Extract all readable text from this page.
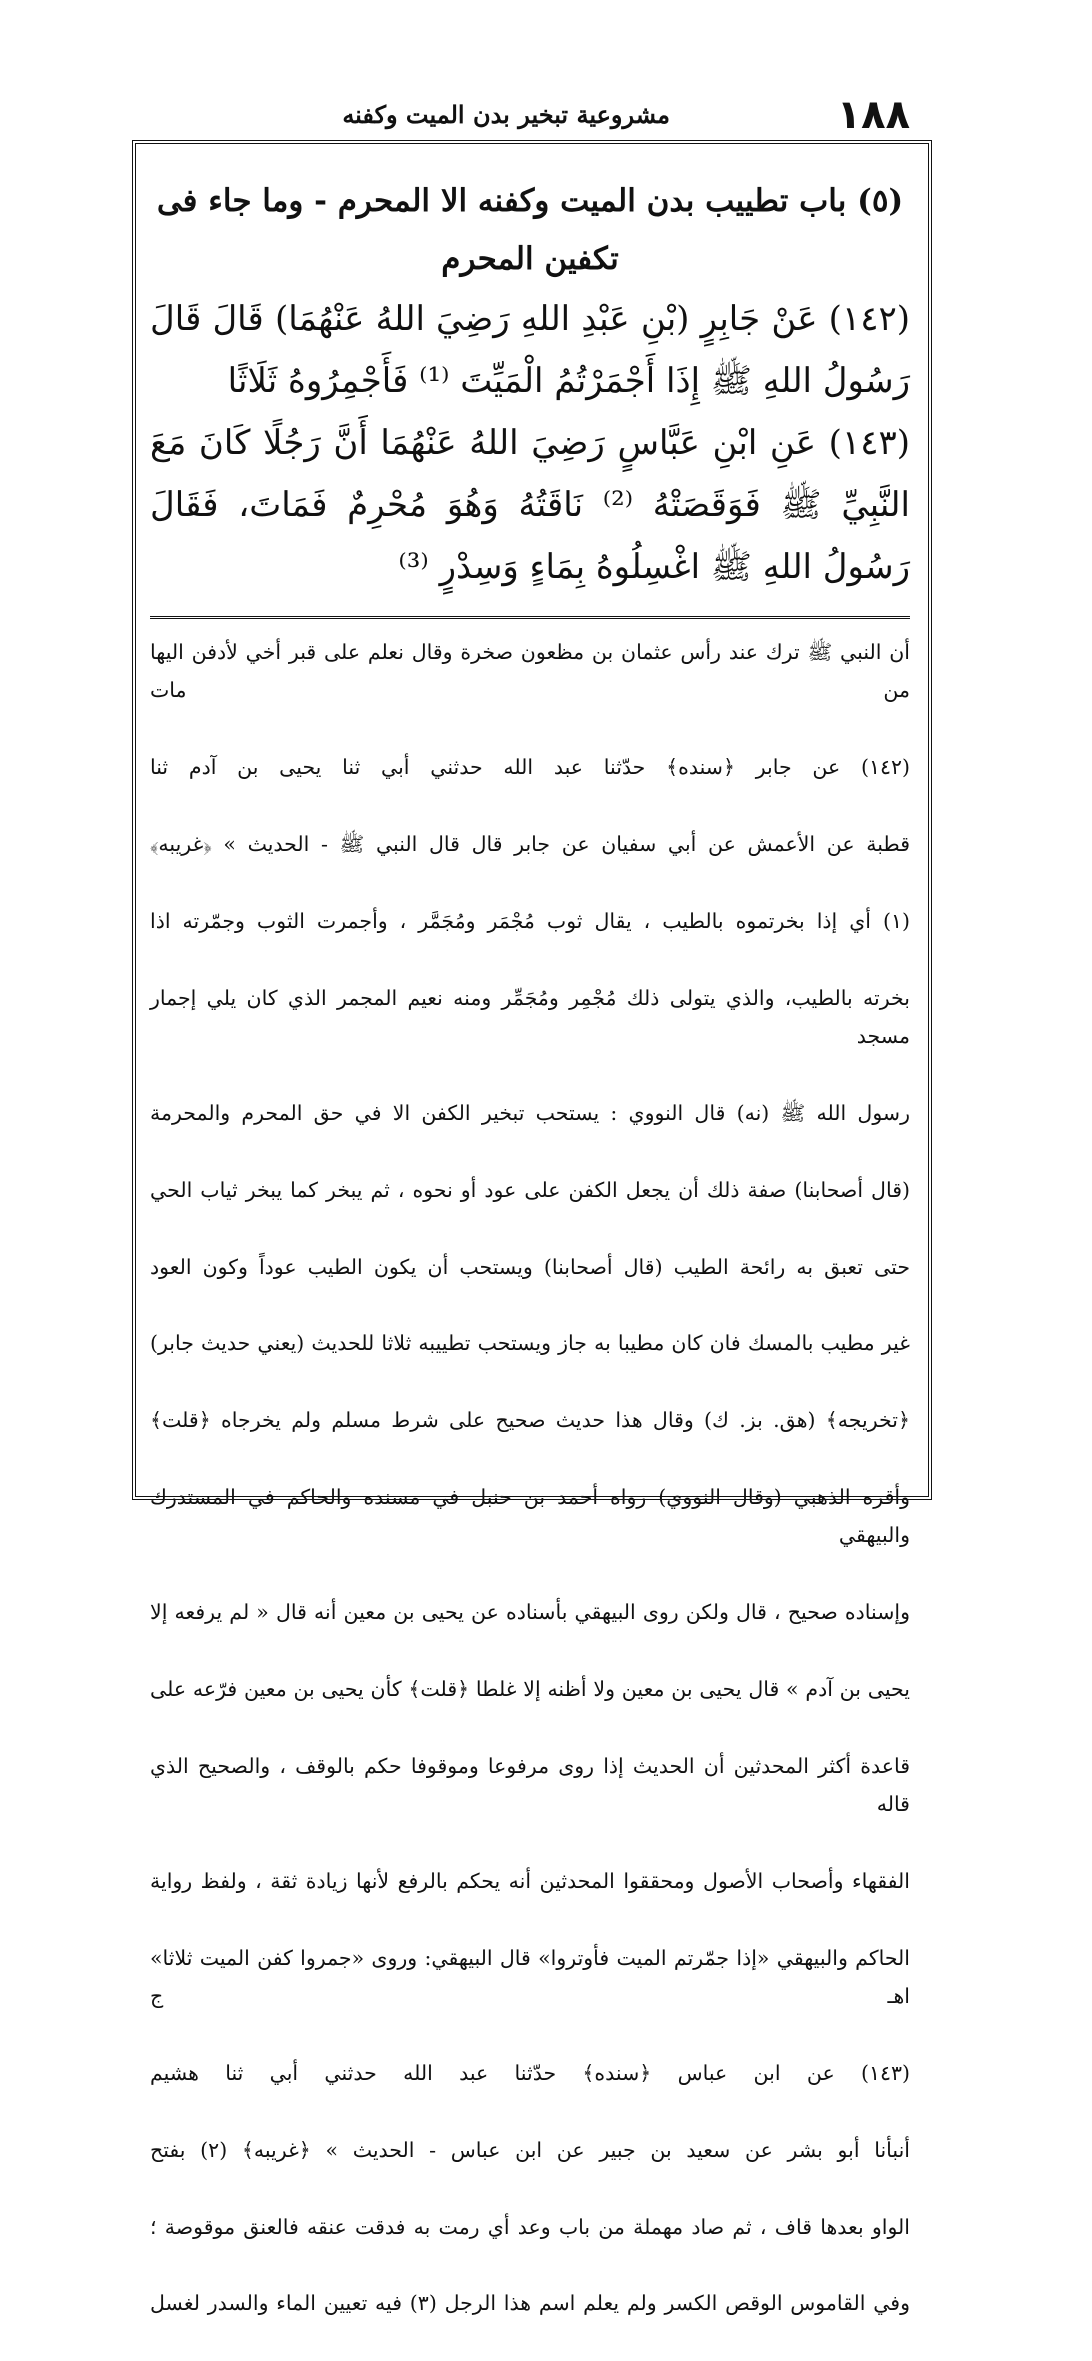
١٨٨
مشروعية تبخير بدن الميت وكفنه
(٥) باب تطييب بدن الميت وكفنه الا المحرم - وما جاء فى تكفين المحرم
(١٤٢) عَنْ جَابِرٍ (بْنِ عَبْدِ اللهِ رَضِيَ اللهُ عَنْهُمَا) قَالَ قَالَ رَسُولُ اللهِ ﷺ إِذَا أَجْمَرْتُمُ الْمَيِّتَ ⁽¹⁾ فَأَجْمِرُوهُ ثَلَاثًا
(١٤٣) عَنِ ابْنِ عَبَّاسٍ رَضِيَ اللهُ عَنْهُمَا أَنَّ رَجُلًا كَانَ مَعَ النَّبِيِّ ﷺ فَوَقَصَتْهُ ⁽²⁾ نَاقَتُهُ وَهُوَ مُحْرِمٌ فَمَاتَ، فَقَالَ رَسُولُ اللهِ ﷺ اغْسِلُوهُ بِمَاءٍ وَسِدْرٍ ⁽³⁾

أن النبي ﷺ ترك عند رأس عثمان بن مظعون صخرة وقال نعلم على قبر أخي لأدفن اليها من مات

(١٤٢) عن جابر ﴿سنده﴾ حدّثنا عبد الله حدثني أبي ثنا يحيى بن آدم ثنا

قطبة عن الأعمش عن أبي سفيان عن جابر قال قال النبي ﷺ - الحديث » ﴿غريبه﴾

(١) أي إذا بخرتموه بالطيب ، يقال ثوب مُجْمَر ومُجَمَّر ، وأجمرت الثوب وجمّرته اذا

بخرته بالطيب، والذي يتولى ذلك مُجْمِر ومُجَمِّر ومنه نعيم المجمر الذي كان يلي إجمار مسجد

رسول الله ﷺ (نه) قال النووي : يستحب تبخير الكفن الا في حق المحرم والمحرمة

(قال أصحابنا) صفة ذلك أن يجعل الكفن على عود أو نحوه ، ثم يبخر كما يبخر ثياب الحي

حتى تعبق به رائحة الطيب (قال أصحابنا) ويستحب أن يكون الطيب عوداً وكون العود

غير مطيب بالمسك فان كان مطيبا به جاز ويستحب تطييبه ثلاثا للحديث (يعني حديث جابر)

﴿تخريجه﴾ (هق. بز. ك) وقال هذا حديث صحيح على شرط مسلم ولم يخرجاه ﴿قلت﴾

وأقره الذهبي (وقال النووي) رواه أحمد بن حنبل في مسنده والحاكم في المستدرك والبيهقي

وإسناده صحيح ، قال ولكن روى البيهقي بأسناده عن يحيى بن معين أنه قال « لم يرفعه إلا

يحيى بن آدم » قال يحيى بن معين ولا أظنه إلا غلطا ﴿قلت﴾ كأن يحيى بن معين فرّعه على

قاعدة أكثر المحدثين أن الحديث إذا روى مرفوعا وموقوفا حكم بالوقف ، والصحيح الذي قاله

الفقهاء وأصحاب الأصول ومحققوا المحدثين أنه يحكم بالرفع لأنها زيادة ثقة ، ولفظ رواية

الحاكم والبيهقي «إذا جمّرتم الميت فأوتروا» قال البيهقي: وروى «جمروا كفن الميت ثلاثا» اهـ ج

(١٤٣) عن ابن عباس ﴿سنده﴾ حدّثنا عبد الله حدثني أبي ثنا هشيم

أنبأنا أبو بشر عن سعيد بن جبير عن ابن عباس - الحديث » ﴿غريبه﴾ (٢) بفتح

الواو بعدها قاف ، ثم صاد مهملة من باب وعد أي رمت به فدقت عنقه فالعنق موقوصة ؛

وفي القاموس الوقص الكسر ولم يعلم اسم هذا الرجل (٣) فيه تعيين الماء والسدر لغسل
